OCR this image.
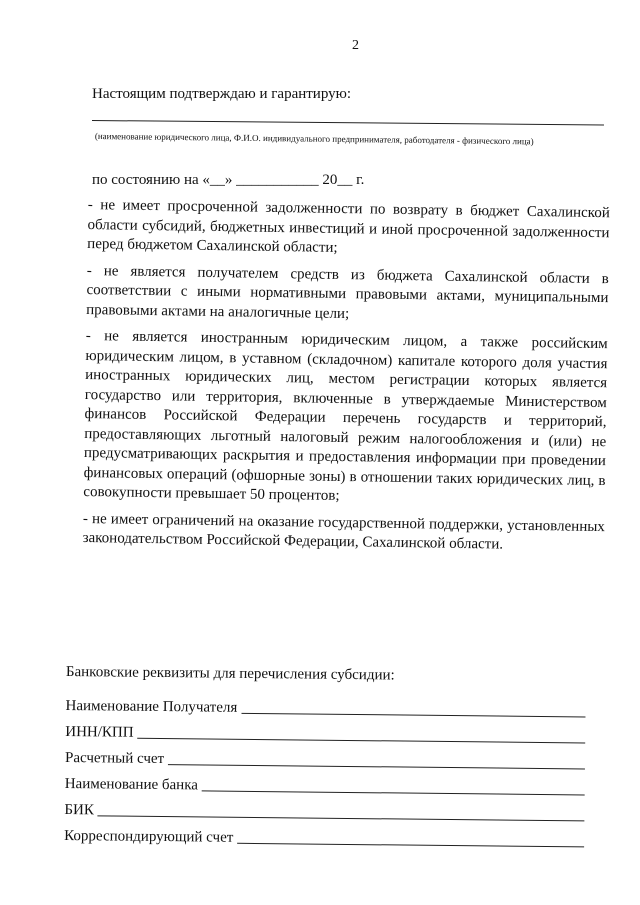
2
Настоящим подтверждаю и гарантирую:
(наименование юридического лица, Ф.И.О. индивидуального предпринимателя, работодателя - физического лица)
по состоянию на «__» ___________ 20__ г.

- не имеет просроченной задолженности по возврату в бюджет Сахалинской области субсидий, бюджетных инвестиций и иной просроченной задолженности перед бюджетом Сахалинской области;

- не является получателем средств из бюджета Сахалинской области в соответствии с иными нормативными правовыми актами, муниципальными правовыми актами на аналогичные цели;

- не является иностранным юридическим лицом, а также российским юридическим лицом, в уставном (складочном) капитале которого доля участия иностранных юридических лиц, местом регистрации которых является государство или территория, включенные в утверждаемые Министерством финансов Российской Федерации перечень государств и территорий, предоставляющих льготный налоговый режим налогообложения и (или) не предусматривающих раскрытия и предоставления информации при проведении финансовых операций (офшорные зоны) в отношении таких юридических лиц, в совокупности превышает 50 процентов;

- не имеет ограничений на оказание государственной поддержки, установленных законодательством Российской Федерации, Сахалинской области.

Банковские реквизиты для перечисления субсидии:
Наименование Получателя
ИНН/КПП
Расчетный счет
Наименование банка
БИК
Корреспондирующий счет
